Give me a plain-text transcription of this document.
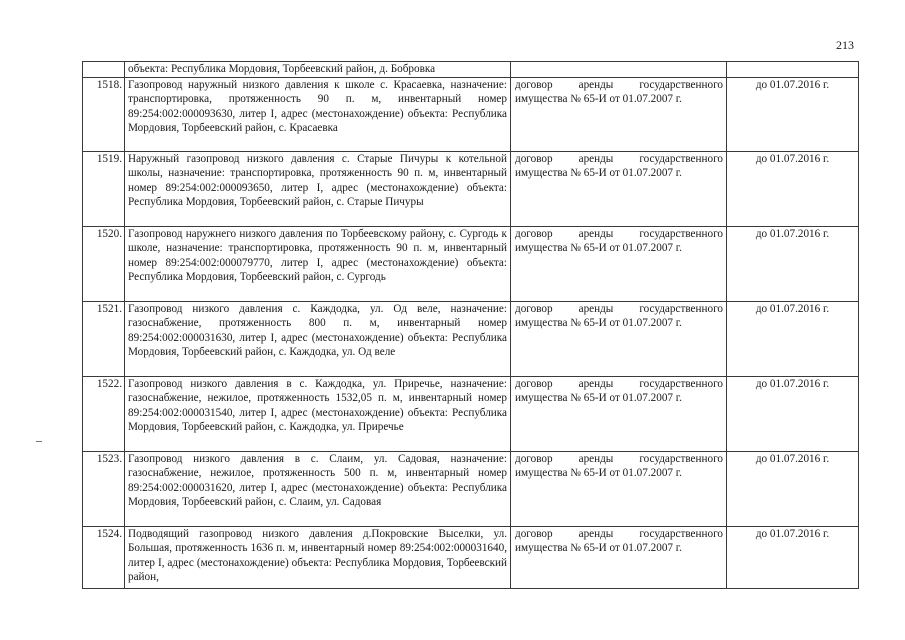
213
	объекта: Республика Мордовия, Торбеевский район, д. Бобровка		
1518.	Газопровод наружный низкого давления к школе с. Красаевка, назначение: транспортировка, протяженность 90 п. м, инвентарный номер 89:254:002:000093630, литер I, адрес (местонахождение) объекта: Республика Мордовия, Торбеевский район, с. Красаевка	договор аренды государственного имущества № 65-И от 01.07.2007 г.	до 01.07.2016 г.
1519.	Наружный газопровод низкого давления с. Старые Пичуры к котельной школы, назначение: транспортировка, протяженность 90 п. м, инвентарный номер 89:254:002:000093650, литер I, адрес (местонахождение) объекта: Республика Мордовия, Торбеевский район, с. Старые Пичуры	договор аренды государственного имущества № 65-И от 01.07.2007 г.	до 01.07.2016 г.
1520.	Газопровод наружнего низкого давления по Торбеевскому району, с. Сургодь к школе, назначение: транспортировка, протяженность 90 п. м, инвентарный номер 89:254:002:000079770, литер I, адрес (местонахождение) объекта: Республика Мордовия, Торбеевский район, с. Сургодь	договор аренды государственного имущества № 65-И от 01.07.2007 г.	до 01.07.2016 г.
1521.	Газопровод низкого давления с. Каждодка, ул. Од веле, назначение: газоснабжение, протяженность 800 п. м, инвентарный номер 89:254:002:000031630, литер I, адрес (местонахождение) объекта: Республика Мордовия, Торбеевский район, с. Каждодка, ул. Од веле	договор аренды государственного имущества № 65-И от 01.07.2007 г.	до 01.07.2016 г.
1522.	Газопровод низкого давления в с. Каждодка, ул. Приречье, назначение: газоснабжение, нежилое, протяженность 1532,05 п. м, инвентарный номер 89:254:002:000031540, литер I, адрес (местонахождение) объекта: Республика Мордовия, Торбеевский район, с. Каждодка, ул. Приречье	договор аренды государственного имущества № 65-И от 01.07.2007 г.	до 01.07.2016 г.
1523.	Газопровод низкого давления в с. Слаим, ул. Садовая, назначение: газоснабжение, нежилое, протяженность 500 п. м, инвентарный номер 89:254:002:000031620, литер I, адрес (местонахождение) объекта: Республика Мордовия, Торбеевский район, с. Слаим, ул. Садовая	договор аренды государственного имущества № 65-И от 01.07.2007 г.	до 01.07.2016 г.
1524.	Подводящий газопровод низкого давления д.Покровские Выселки, ул. Большая, протяженность 1636 п. м, инвентарный номер 89:254:002:000031640, литер I, адрес (местонахождение) объекта: Республика Мордовия, Торбеевский район,	договор аренды государственного имущества № 65-И от 01.07.2007 г.	до 01.07.2016 г.
